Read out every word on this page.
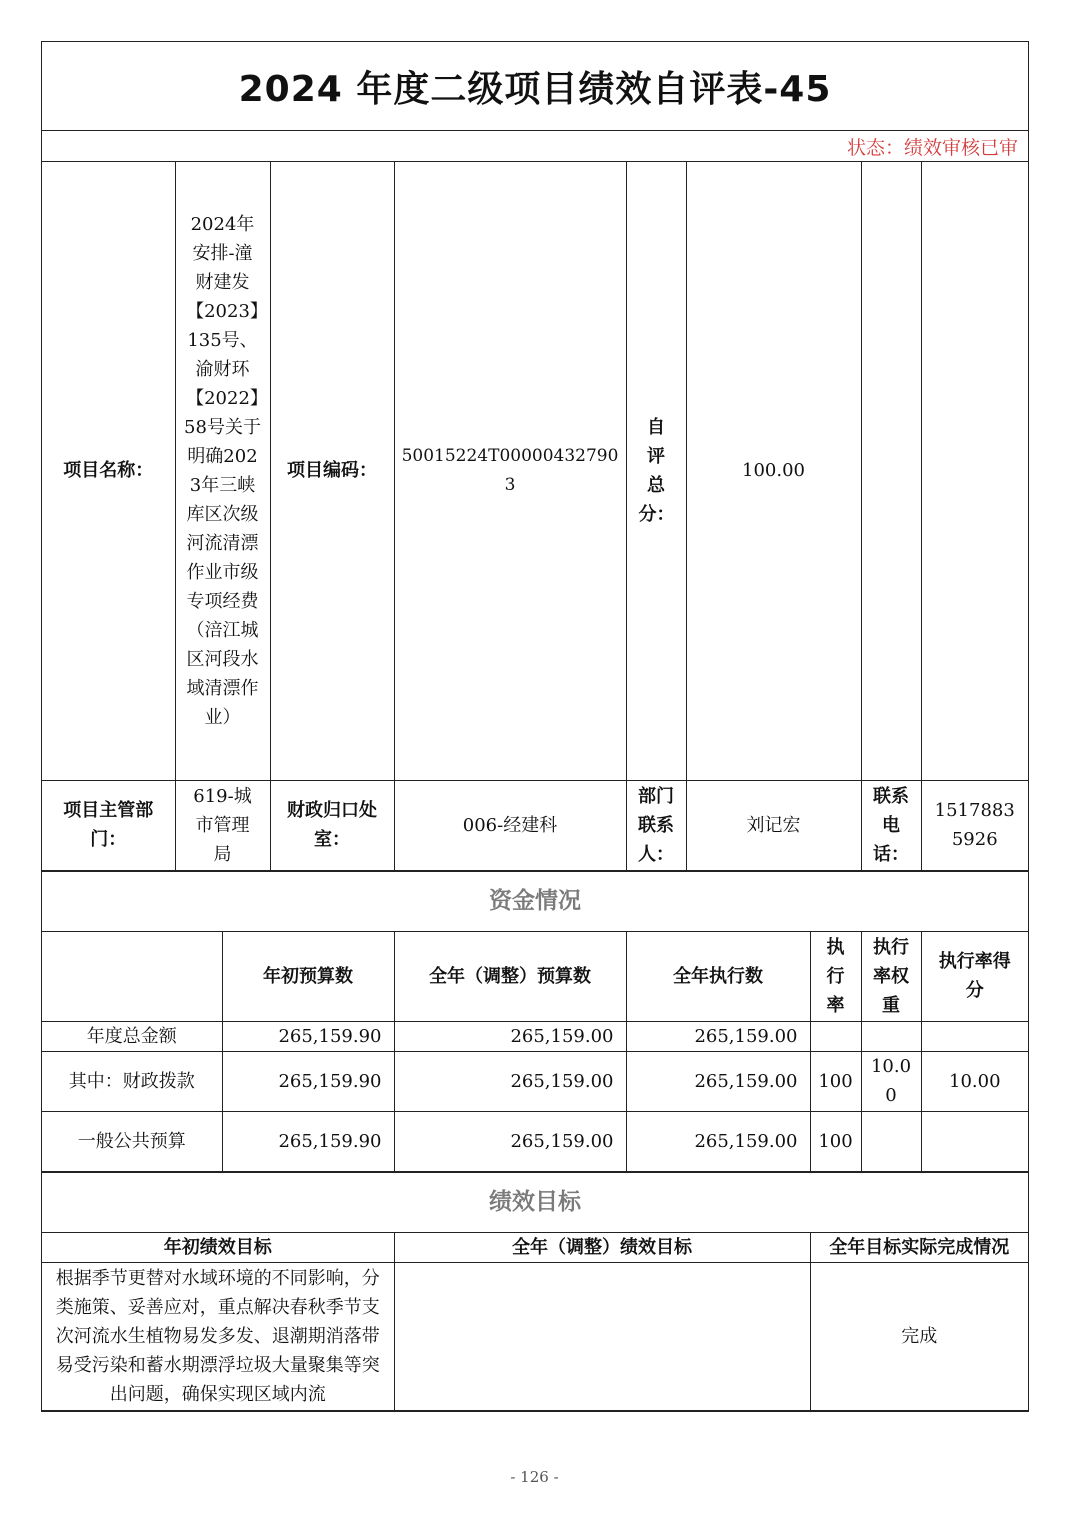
2024 年度二级项目绩效自评表-45
状态：绩效审核已审
项目名称：	2024年安排-潼财建发【2023】135号、渝财环【2022】58号关于明确2023年三峡库区次级河流清漂作业市级专项经费（涪江城区河段水域清漂作业）	项目编码：	50015224T000004327903	自评总分：	100.00		
项目主管部门：	619-城市管理局	财政归口处室：	006-经建科	部门联系人：	刘记宏	联系电话：	15178835926
资金情况						
	年初预算数	全年（调整）预算数	全年执行数	执行率	执行率权重	执行率得分
年度总金额	265,159.90	265,159.00	265,159.00			
其中：财政拨款	265,159.90	265,159.00	265,159.00	100	10.00	10.00
一般公共预算	265,159.90	265,159.00	265,159.00	100		
绩效目标		
年初绩效目标	全年（调整）绩效目标	全年目标实际完成情况
根据季节更替对水域环境的不同影响，分类施策、妥善应对，重点解决春秋季节支次河流水生植物易发多发、退潮期消落带易受污染和蓄水期漂浮垃圾大量聚集等突出问题，确保实现区域内流		完成
- 126 -
